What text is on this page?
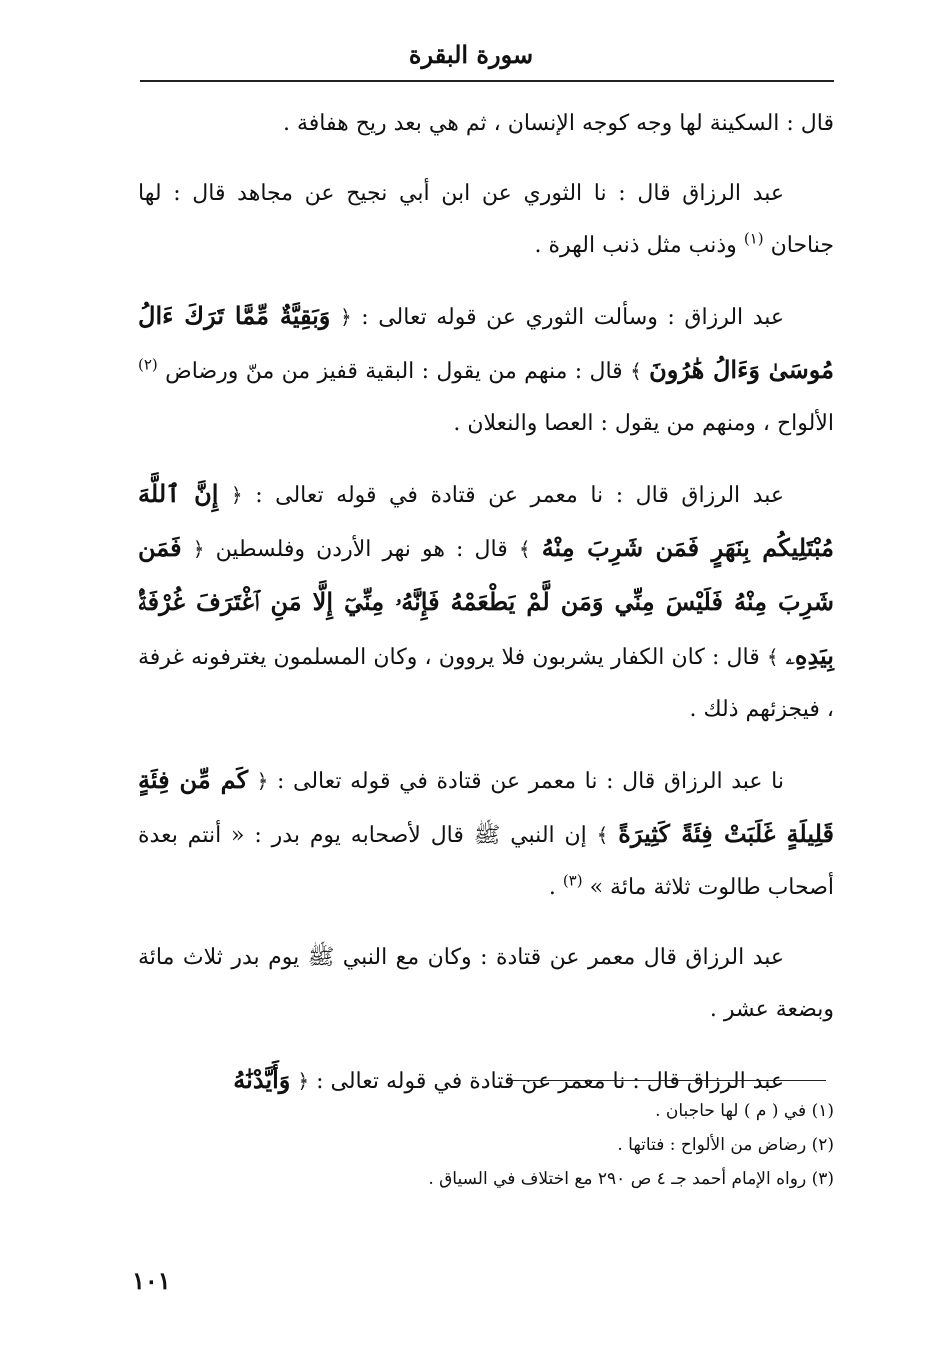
سورة البقرة

قال : السكينة لها وجه كوجه الإنسان ، ثم هي بعد ريح هفافة .

عبد الرزاق قال : نا الثوري عن ابن أبي نجيح عن مجاهد قال : لها جناحان $^{(١)}$ وذنب مثل ذنب الهرة .

عبد الرزاق : وسألت الثوري عن قوله تعالى : ﴿ وَبَقِيَّةٌ مِّمَّا تَرَكَ ءَالُ مُوسَىٰ وَءَالُ هَٰرُونَ ﴾ قال : منهم من يقول : البقية قفيز من منّ ورضاض $^{(٢)}$ الألواح ، ومنهم من يقول : العصا والنعلان .

عبد الرزاق قال : نا معمر عن قتادة في قوله تعالى : ﴿ إِنَّ ٱللَّهَ مُبْتَلِيكُم بِنَهَرٍ فَمَن شَرِبَ مِنْهُ ﴾ قال : هو نهر الأردن وفلسطين ﴿ فَمَن شَرِبَ مِنْهُ فَلَيْسَ مِنِّي وَمَن لَّمْ يَطْعَمْهُ فَإِنَّهُۥ مِنِّيٓ إِلَّا مَنِ ٱغْتَرَفَ غُرْفَةًۢ بِيَدِهِۦ ﴾ قال : كان الكفار يشربون فلا يروون ، وكان المسلمون يغترفونه غرفة ، فيجزئهم ذلك .

نا عبد الرزاق قال : نا معمر عن قتادة في قوله تعالى : ﴿ كَم مِّن فِئَةٍ قَلِيلَةٍ غَلَبَتْ فِئَةً كَثِيرَةً ﴾ إن النبي ﷺ قال لأصحابه يوم بدر : « أنتم بعدة أصحاب طالوت ثلاثة مائة » $^{(٣)}$ .

عبد الرزاق قال معمر عن قتادة : وكان مع النبي ﷺ يوم بدر ثلاث مائة وبضعة عشر .

عبد الرزاق قال : نا معمر عن قتادة في قوله تعالى : ﴿ وَأَيَّدْنَٰهُ

(١) في ( م ) لها حاجبان .

(٢) رضاض من الألواح : فتاتها .

(٣) رواه الإمام أحمد جـ ٤ ص ٢٩٠ مع اختلاف في السياق .

١٠١
